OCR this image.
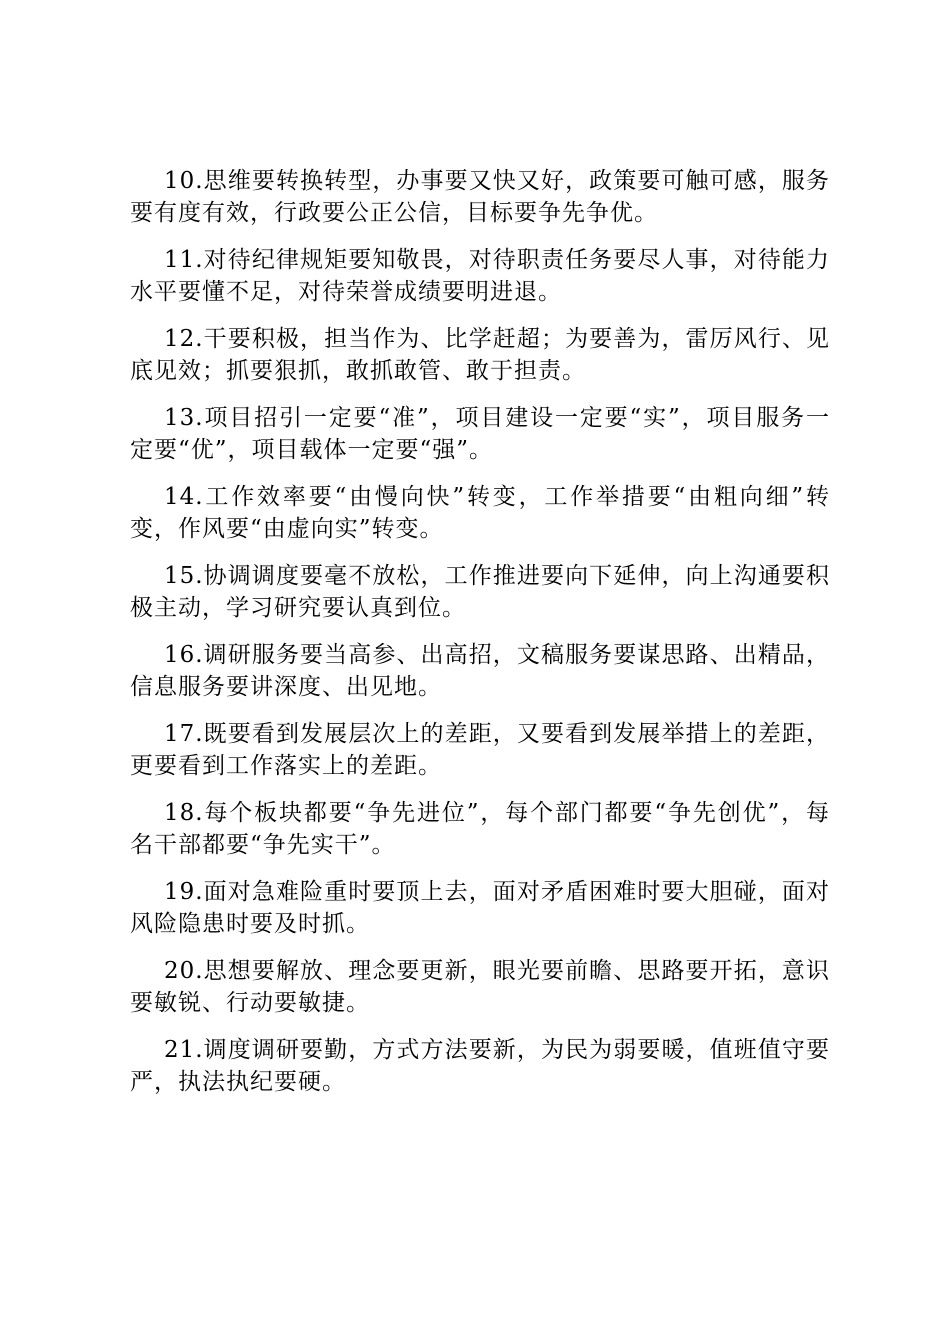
10.思维要转换转型，办事要又快又好，政策要可触可感，服务要有度有效，行政要公正公信，目标要争先争优。

11.对待纪律规矩要知敬畏，对待职责任务要尽人事，对待能力水平要懂不足，对待荣誉成绩要明进退。

12.干要积极，担当作为、比学赶超；为要善为，雷厉风行、见底见效；抓要狠抓，敢抓敢管、敢于担责。

13.项目招引一定要“准”，项目建设一定要“实”，项目服务一定要“优”，项目载体一定要“强”。

14.工作效率要“由慢向快”转变，工作举措要“由粗向细”转变，作风要“由虚向实”转变。

15.协调调度要毫不放松，工作推进要向下延伸，向上沟通要积极主动，学习研究要认真到位。

16.调研服务要当高参、出高招，文稿服务要谋思路、出精品，信息服务要讲深度、出见地。

17.既要看到发展层次上的差距，又要看到发展举措上的差距，更要看到工作落实上的差距。

18.每个板块都要“争先进位”，每个部门都要“争先创优”，每名干部都要“争先实干”。

19.面对急难险重时要顶上去，面对矛盾困难时要大胆碰，面对风险隐患时要及时抓。

20.思想要解放、理念要更新，眼光要前瞻、思路要开拓，意识要敏锐、行动要敏捷。

21.调度调研要勤，方式方法要新，为民为弱要暖，值班值守要严，执法执纪要硬。
